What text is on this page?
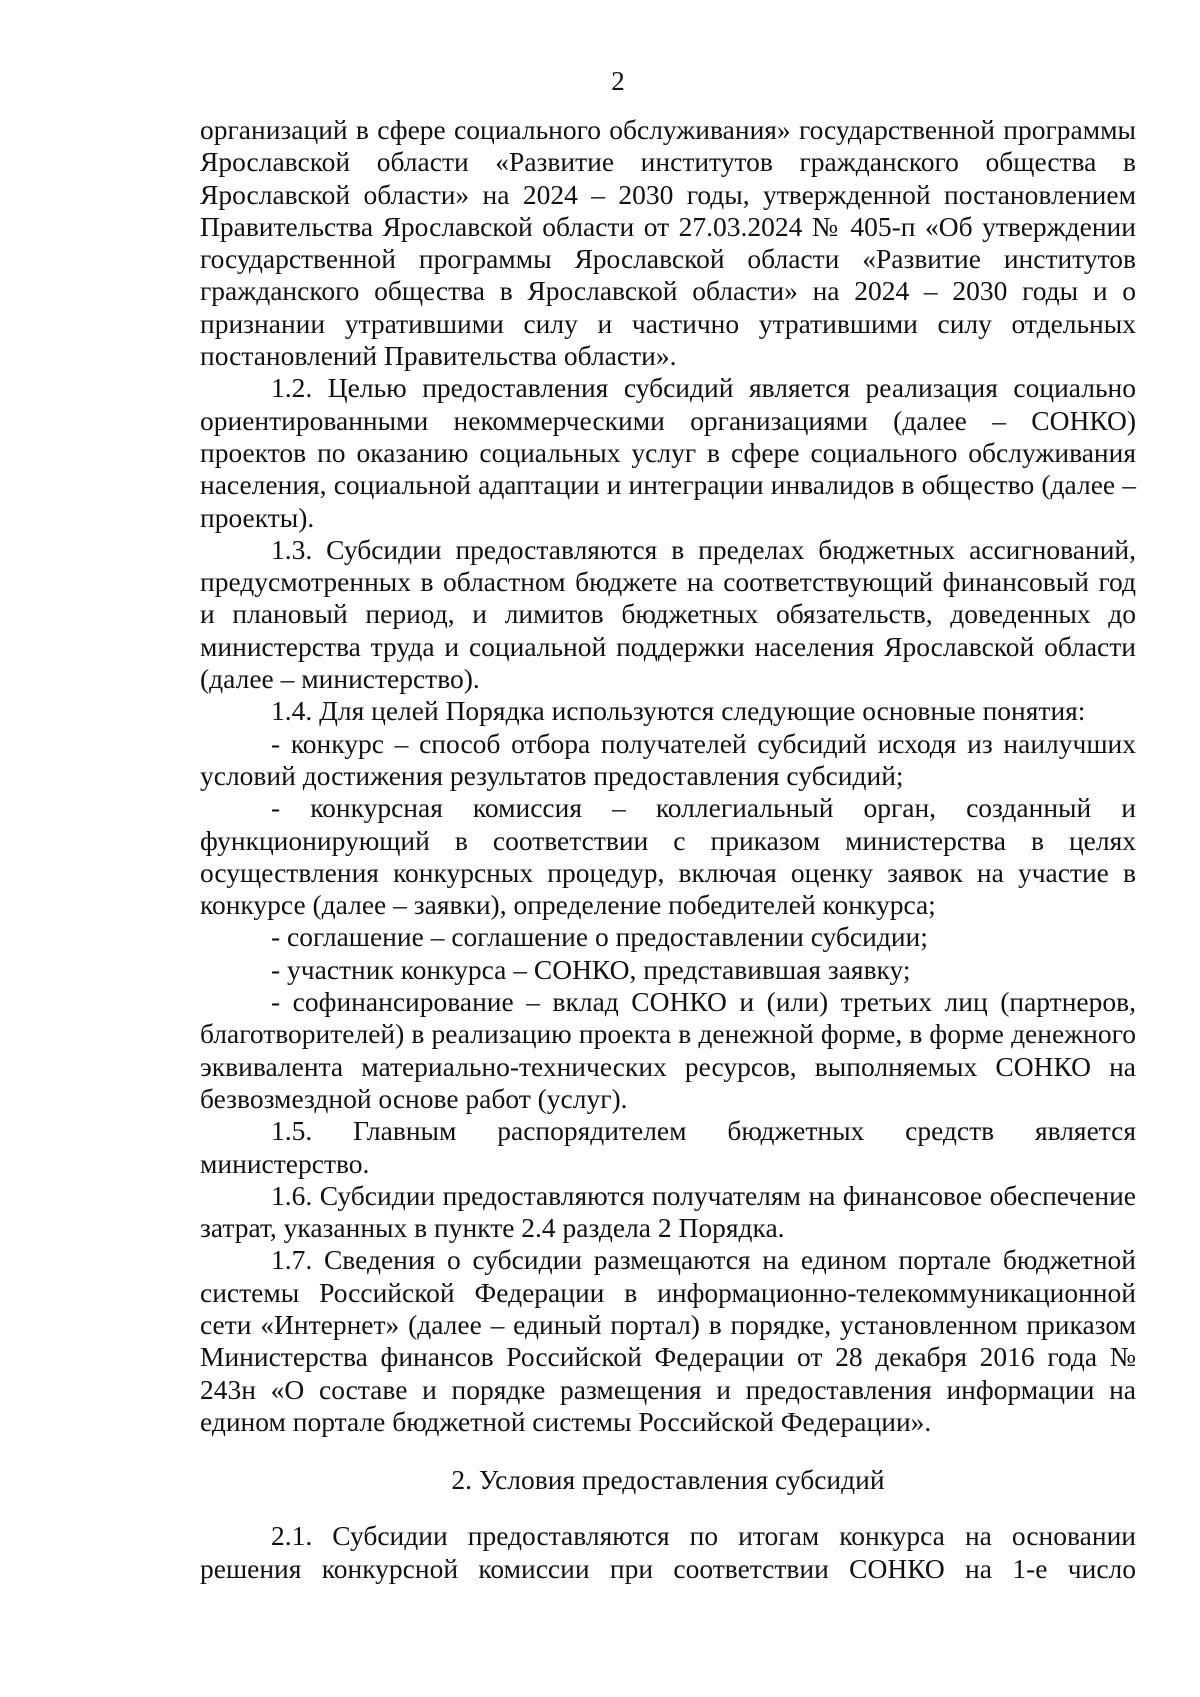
2

организаций в сфере социального обслуживания» государственной программы Ярославской области «Развитие институтов гражданского общества в Ярославской области» на 2024 – 2030 годы, утвержденной постановлением Правительства Ярославской области от 27.03.2024 № 405-п «Об утверждении государственной программы Ярославской области «Развитие институтов гражданского общества в Ярославской области» на 2024 – 2030 годы и о признании утратившими силу и частично утратившими силу отдельных постановлений Правительства области».

1.2. Целью предоставления субсидий является реализация социально ориентированными некоммерческими организациями (далее – СОНКО) проектов по оказанию социальных услуг в сфере социального обслуживания населения, социальной адаптации и интеграции инвалидов в общество (далее – проекты).

1.3. Субсидии предоставляются в пределах бюджетных ассигнований, предусмотренных в областном бюджете на соответствующий финансовый год и плановый период, и лимитов бюджетных обязательств, доведенных до министерства труда и социальной поддержки населения Ярославской области (далее – министерство).

1.4. Для целей Порядка используются следующие основные понятия:

- конкурс – способ отбора получателей субсидий исходя из наилучших условий достижения результатов предоставления субсидий;

- конкурсная комиссия – коллегиальный орган, созданный и функционирующий в соответствии с приказом министерства в целях осуществления конкурсных процедур, включая оценку заявок на участие в конкурсе (далее – заявки), определение победителей конкурса;

- соглашение – соглашение о предоставлении субсидии;

- участник конкурса – СОНКО, представившая заявку;

- софинансирование – вклад СОНКО и (или) третьих лиц (партнеров, благотворителей) в реализацию проекта в денежной форме, в форме денежного эквивалента материально-технических ресурсов, выполняемых СОНКО на безвозмездной основе работ (услуг).

1.5. Главным распорядителем бюджетных средств является министерство.

1.6. Субсидии предоставляются получателям на финансовое обеспечение затрат, указанных в пункте 2.4 раздела 2 Порядка.

1.7. Сведения о субсидии размещаются на едином портале бюджетной системы Российской Федерации в информационно-телекоммуникационной сети «Интернет» (далее – единый портал) в порядке, установленном приказом Министерства финансов Российской Федерации от 28 декабря 2016 года № 243н «О составе и порядке размещения и предоставления информации на едином портале бюджетной системы Российской Федерации».

2. Условия предоставления субсидий

2.1. Субсидии предоставляются по итогам конкурса на основании решения конкурсной комиссии при соответствии СОНКО на 1-е число
